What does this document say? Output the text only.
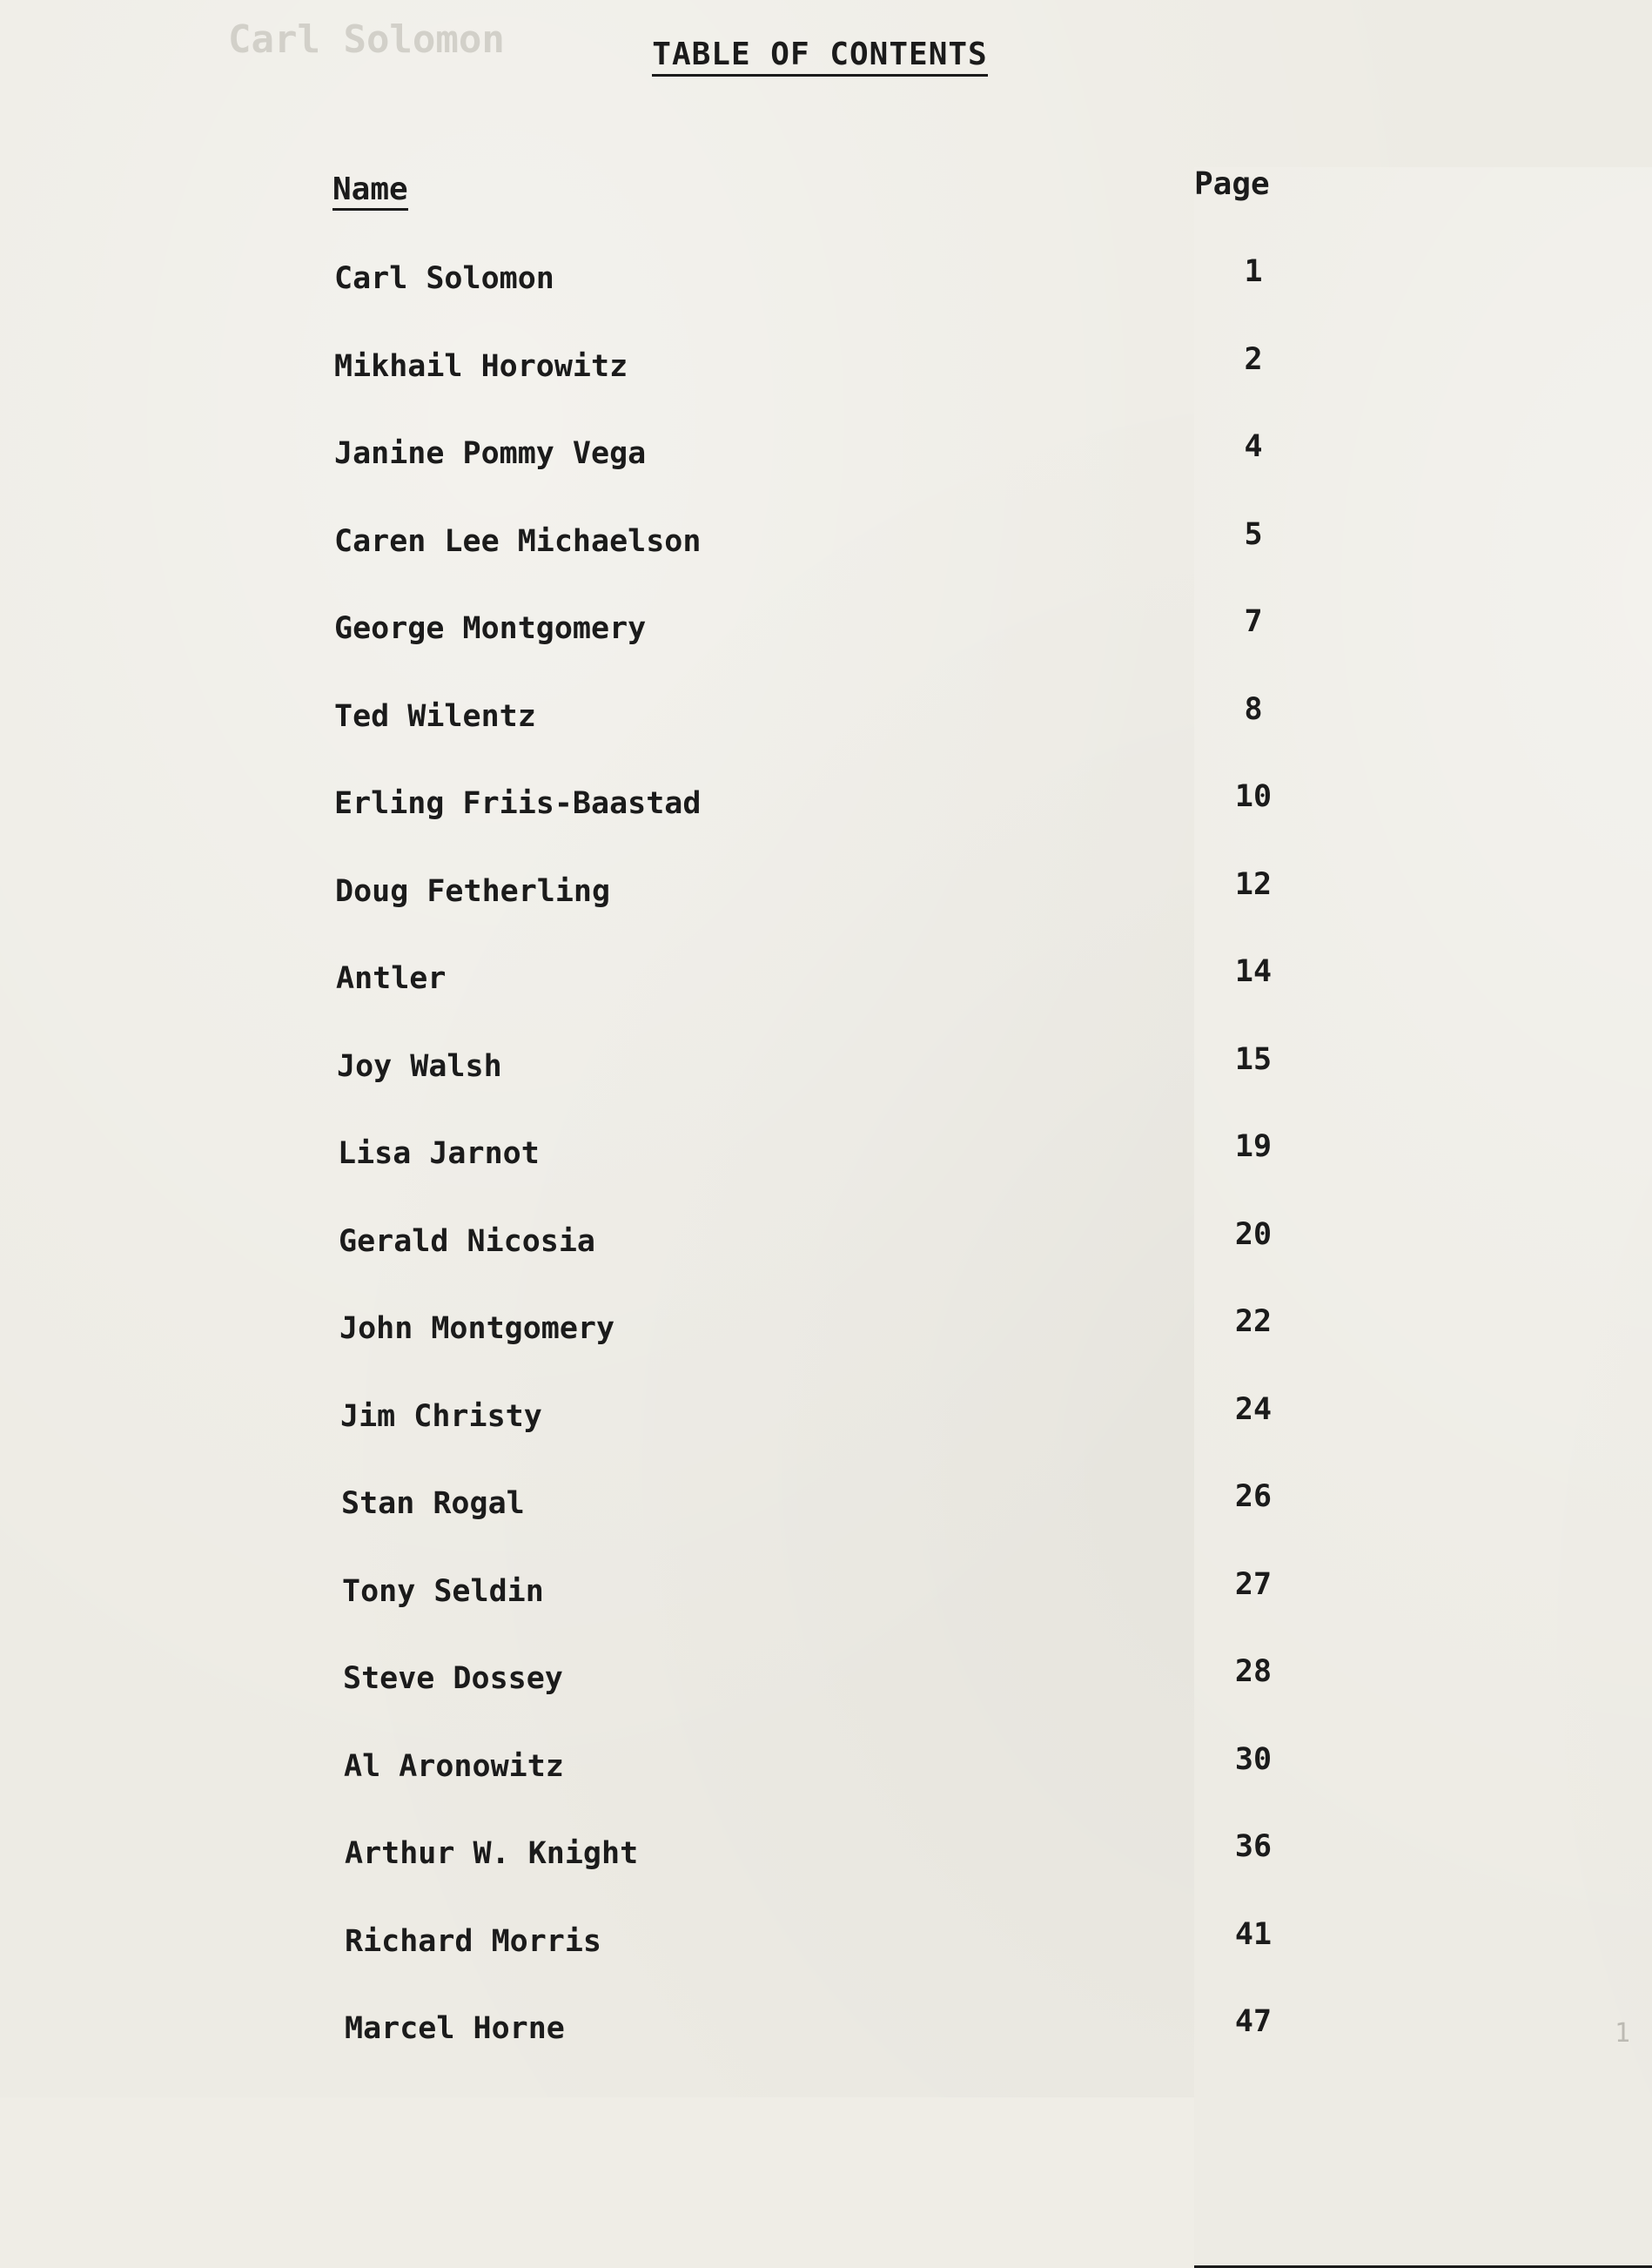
Carl Solomon	TABLE OF CONTENTS
Name	Page
Carl Solomon	1
Mikhail Horowitz	2
Janine Pommy Vega	4
Caren Lee Michaelson	5
George Montgomery	7
Ted Wilentz	8
Erling Friis-Baastad	10
Doug Fetherling	12
Antler	14
Joy Walsh	15
Lisa Jarnot	19
Gerald Nicosia	20
John Montgomery	22
Jim Christy	24
Stan Rogal	26
Tony Seldin	27
Steve Dossey	28
Al Aronowitz	30
Arthur W. Knight	36
Richard Morris	41
Marcel Horne	47	1
